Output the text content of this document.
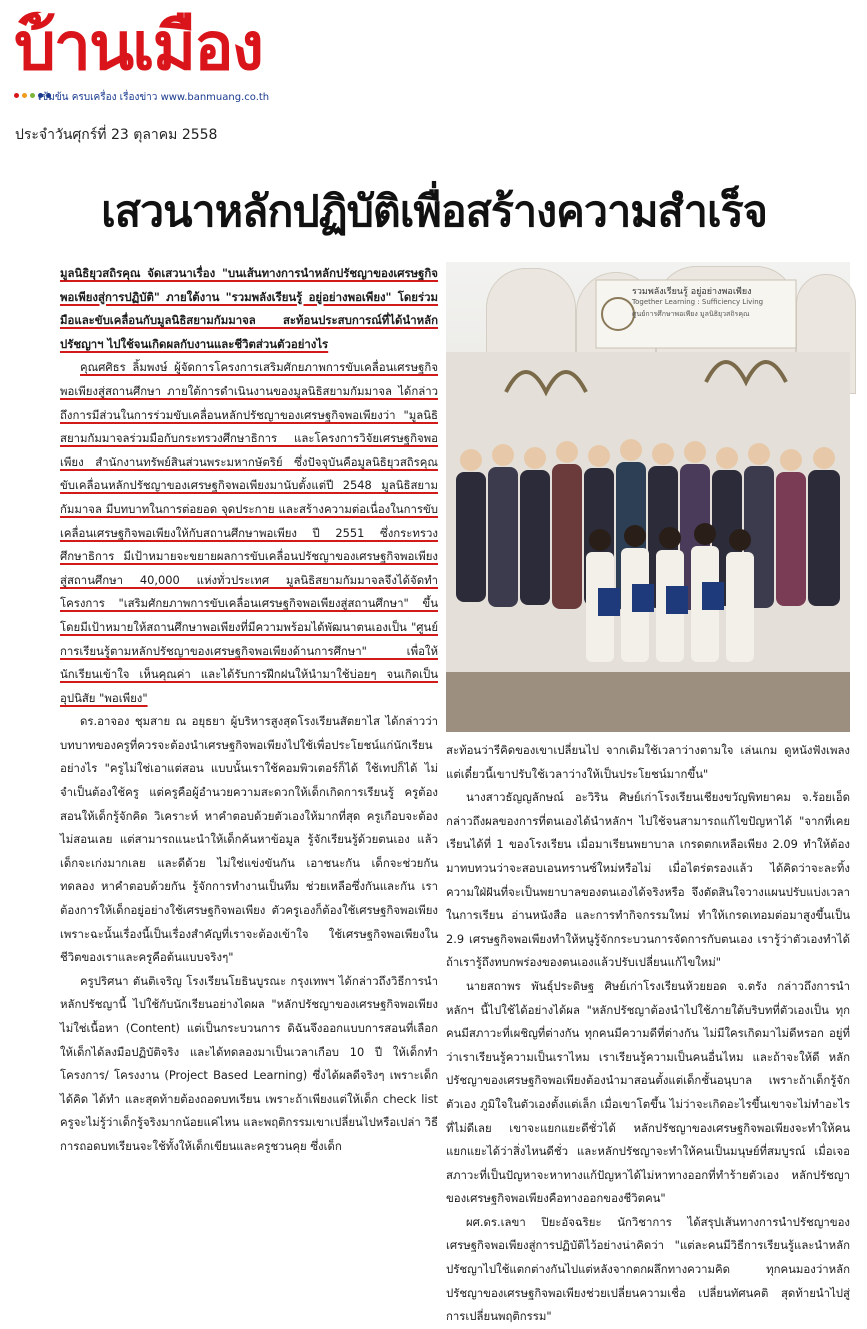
บ้านเมือง
เข้มข้น ครบเครื่อง เรื่องข่าว www.banmuang.co.th
ประจำวันศุกร์ที่ 23 ตุลาคม 2558
เสวนาหลักปฏิบัติเพื่อสร้างความสำเร็จ

มูลนิธิยุวสถิรคุณ จัดเสวนาเรื่อง "บนเส้นทางการนำหลักปรัชญาของเศรษฐกิจพอเพียงสู่การปฏิบัติ" ภายใต้งาน "รวมพลังเรียนรู้ อยู่อย่างพอเพียง" โดยร่วมมือและขับเคลื่อนกับมูลนิธิสยามกัมมาจล สะท้อนประสบการณ์ที่ได้นำหลักปรัชญาฯ ไปใช้จนเกิดผลกับงานและชีวิตส่วนตัวอย่างไร

คุณศศิธร ลิ้มพงษ์ ผู้จัดการโครงการเสริมศักยภาพการขับเคลื่อนเศรษฐกิจพอเพียงสู่สถานศึกษา ภายใต้การดำเนินงานของมูลนิธิสยามกัมมาจล ได้กล่าวถึงการมีส่วนในการร่วมขับเคลื่อนหลักปรัชญาของเศรษฐกิจพอเพียงว่า "มูลนิธิสยามกัมมาจลร่วมมือกับกระทรวงศึกษาธิการ และโครงการวิจัยเศรษฐกิจพอเพียง สำนักงานทรัพย์สินส่วนพระมหากษัตริย์ ซึ่งปัจจุบันคือมูลนิธิยุวสถิรคุณ ขับเคลื่อนหลักปรัชญาของเศรษฐกิจพอเพียงมานับตั้งแต่ปี 2548 มูลนิธิสยามกัมมาจล มีบทบาทในการต่อยอด จุดประกาย และสร้างความต่อเนื่องในการขับเคลื่อนเศรษฐกิจพอเพียงให้กับสถานศึกษาพอเพียง ปี 2551 ซึ่งกระทรวงศึกษาธิการ มีเป้าหมายจะขยายผลการขับเคลื่อนปรัชญาของเศรษฐกิจพอเพียงสู่สถานศึกษา 40,000 แห่งทั่วประเทศ มูลนิธิสยามกัมมาจลจึงได้จัดทำโครงการ "เสริมศักยภาพการขับเคลื่อนเศรษฐกิจพอเพียงสู่สถานศึกษา" ขึ้นโดยมีเป้าหมายให้สถานศึกษาพอเพียงที่มีความพร้อมได้พัฒนาตนเองเป็น "ศูนย์การเรียนรู้ตามหลักปรัชญาของเศรษฐกิจพอเพียงด้านการศึกษา" เพื่อให้นักเรียนเข้าใจ เห็นคุณค่า และได้รับการฝึกฝนให้นำมาใช้บ่อยๆ จนเกิดเป็นอุปนิสัย "พอเพียง"

ดร.อาจอง ชุมสาย ณ อยุธยา ผู้บริหารสูงสุดโรงเรียนสัตยาไส ได้กล่าวว่า บทบาทของครูที่ควรจะต้องนำเศรษฐกิจพอเพียงไปใช้เพื่อประโยชน์แก่นักเรียนอย่างไร "ครูไม่ใช่เอาแต่สอน แบบนั้นเราใช้คอมพิวเตอร์ก็ได้ ใช้เทปก็ได้ ไม่จำเป็นต้องใช้ครู แต่ครูคือผู้อำนวยความสะดวกให้เด็กเกิดการเรียนรู้ ครูต้องสอนให้เด็กรู้จักคิด วิเคราะห์ หาคำตอบด้วยตัวเองให้มากที่สุด ครูเกือบจะต้องไม่สอนเลย แต่สามารถแนะนำให้เด็กค้นหาข้อมูล รู้จักเรียนรู้ด้วยตนเอง แล้วเด็กจะเก่งมากเลย และดีด้วย ไม่ใช่แข่งขันกัน เอาชนะกัน เด็กจะช่วยกันทดลอง หาคำตอบด้วยกัน รู้จักการทำงานเป็นทีม ช่วยเหลือซึ่งกันและกัน เราต้องการให้เด็กอยู่อย่างใช้เศรษฐกิจพอเพียง ตัวครูเองก็ต้องใช้เศรษฐกิจพอเพียง เพราะฉะนั้นเรื่องนี้เป็นเรื่องสำคัญที่เราจะต้องเข้าใจ ใช้เศรษฐกิจพอเพียงในชีวิตของเราและครูคือต้นแบบจริงๆ"

ครูปริศนา ตันติเจริญ โรงเรียนโยธินบูรณะ กรุงเทพฯ ได้กล่าวถึงวิธีการนำหลักปรัชญานี้ ไปใช้กับนักเรียนอย่างไดผล "หลักปรัชญาของเศรษฐกิจพอเพียงไม่ใช่เนื้อหา (Content) แต่เป็นกระบวนการ ดิฉันจึงออกแบบการสอนที่เลือกให้เด็กได้ลงมือปฏิบัติจริง และได้ทดลองมาเป็นเวลาเกือบ 10 ปี ให้เด็กทำโครงการ/ โครงงาน (Project Based Learning) ซึ่งได้ผลดีจริงๆ เพราะเด็กได้คิด ได้ทำ และสุดท้ายต้องถอดบทเรียน เพราะถ้าเพียงแต่ให้เด็ก check list ครูจะไม่รู้ว่าเด็กรู้จริงมากน้อยแค่ไหน และพฤติกรรมเขาเปลี่ยนไปหรือเปล่า วิธีการถอดบทเรียนจะใช้ทั้งให้เด็กเขียนและครูชวนคุย ซึ่งเด็ก

รวมพลังเรียนรู้ อยู่อย่างพอเพียง
Together Learning : Sufficiency Living
ศูนย์การศึกษาพอเพียง มูลนิธิยุวสถิรคุณ

สะท้อนว่ารีคิดของเขาเปลี่ยนไป จากเดิมใช้เวลาว่างตามใจ เล่นเกม ดูหนังฟังเพลง แต่เดี๋ยวนี้เขาปรับใช้เวลาว่างให้เป็นประโยชน์มากขึ้น"

นางสาวธัญญลักษณ์ อะวิริน ศิษย์เก่าโรงเรียนเชียงขวัญพิทยาคม จ.ร้อยเอ็ด กล่าวถึงผลของการที่ตนเองได้นำหลักฯ ไปใช้จนสามารถแก้ไขปัญหาได้ "จากที่เคยเรียนได้ที่ 1 ของโรงเรียน เมื่อมาเรียนพยาบาล เกรดตกเหลือเพียง 2.09 ทำให้ต้องมาทบทวนว่าจะสอบเอนทรานซ์ใหม่หรือไม่ เมื่อไตร่ตรองแล้ว ได้คิดว่าจะละทิ้งความใฝ่ฝันที่จะเป็นพยาบาลของตนเองได้จริงหรือ จึงตัดสินใจวางแผนปรับแบ่งเวลาในการเรียน อ่านหนังสือ และการทำกิจกรรมใหม่ ทำให้เกรดเทอมต่อมาสูงขึ้นเป็น 2.9 เศรษฐกิจพอเพียงทำให้หนูรู้จักกระบวนการจัดการกับตนเอง เรารู้ว่าตัวเองทำได้ ถ้าเรารู้ถึงทบกพร่องของตนเองแล้วปรับเปลี่ยนแก้ไขใหม่"

นายสถาพร พันธุ์ประดิษฐ ศิษย์เก่าโรงเรียนห้วยยอด จ.ตรัง กล่าวถึงการนำหลักฯ นี้ไปใช้ได้อย่างได้ผล "หลักปรัชญาต้องนำไปใช้ภายใต้บริบทที่ตัวเองเป็น ทุกคนมีสภาวะที่เผชิญที่ต่างกัน ทุกคนมีความดีที่ต่างกัน ไม่มีใครเกิดมาไม่ดีหรอก อยู่ที่ว่าเราเรียนรู้ความเป็นเราไหม เราเรียนรู้ความเป็นคนอื่นไหม และถ้าจะให้ดี หลักปรัชญาของเศรษฐกิจพอเพียงต้องนำมาสอนตั้งแต่เด็กชั้นอนุบาล เพราะถ้าเด็กรู้จักตัวเอง ภูมิใจในตัวเองตั้งแต่เล็ก เมื่อเขาโตขึ้น ไม่ว่าจะเกิดอะไรขึ้นเขาจะไม่ทำอะไรที่ไม่ดีเลย เขาจะแยกแยะดีชั่วได้ หลักปรัชญาของเศรษฐกิจพอเพียงจะทำให้คนแยกแยะได้ว่าสิ่งไหนดีชั่ว และหลักปรัชญาจะทำให้คนเป็นมนุษย์ที่สมบูรณ์ เมื่อเจอสภาวะที่เป็นปัญหาจะหาทางแก้ปัญหาได้ไม่หาทางออกที่ทำร้ายตัวเอง หลักปรัชญาของเศรษฐกิจพอเพียงคือทางออกของชีวิตคน"

ผศ.ดร.เลขา ปิยะอัจฉริยะ นักวิชาการ ได้สรุปเส้นทางการนำปรัชญาของเศรษฐกิจพอเพียงสู่การปฏิบัติไว้อย่างน่าคิดว่า "แต่ละคนมีวิธีการเรียนรู้และนำหลักปรัชญาไปใช้แตกต่างกันไปแต่หลังจากตกผลึกทางความคิด ทุกคนมองว่าหลักปรัชญาของเศรษฐกิจพอเพียงช่วยเปลี่ยนความเชื่อ เปลี่ยนทัศนคติ สุดท้ายนำไปสู่การเปลี่ยนพฤติกรรม"
